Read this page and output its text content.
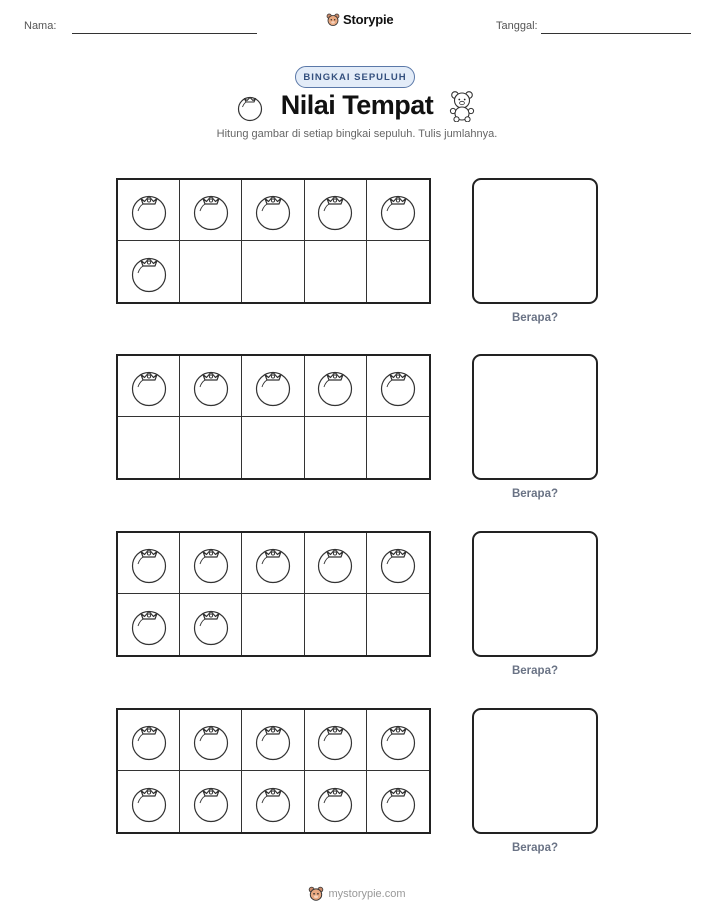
Nama:	Storypie	Tanggal:
BINGKAI SEPULUH
Nilai Tempat
Hitung gambar di setiap bingkai sepuluh. Tulis jumlahnya.
Berapa?
Berapa?
Berapa?
Berapa?
mystorypie.com
